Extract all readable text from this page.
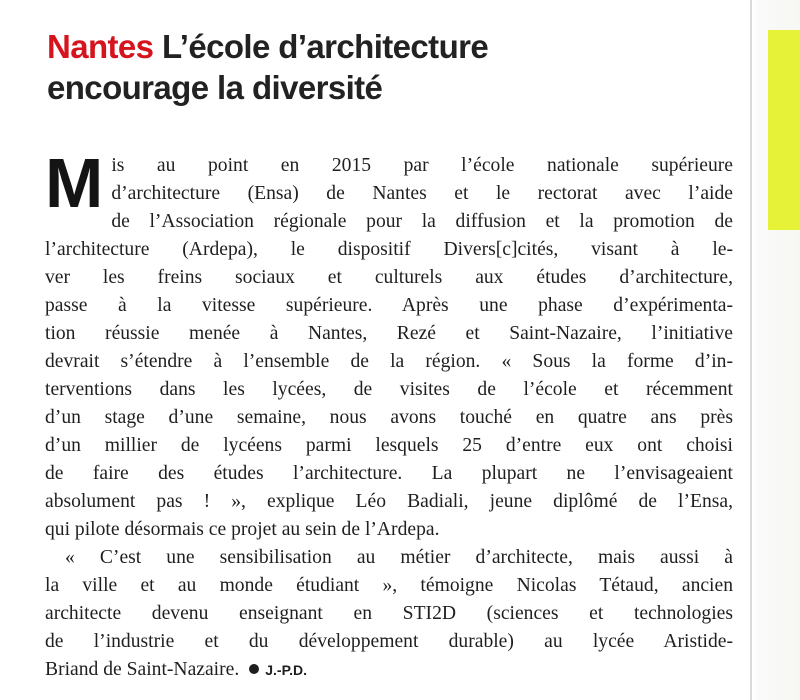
Nantes L’école d’architecture
encourage la diversité

M is au point en 2015 par l’école nationale supérieure
d’architecture (Ensa) de Nantes et le rectorat avec l’aide
de l’Association régionale pour la diffusion et la promotion de
l’architecture (Ardepa), le dispositif Divers[c]cités, visant à le-
ver les freins sociaux et culturels aux études d’architecture,
passe à la vitesse supérieure. Après une phase d’expérimenta-
tion réussie menée à Nantes, Rezé et Saint-Nazaire, l’initiative
devrait s’étendre à l’ensemble de la région. « Sous la forme d’in-
terventions dans les lycées, de visites de l’école et récemment
d’un stage d’une semaine, nous avons touché en quatre ans près
d’un millier de lycéens parmi lesquels 25 d’entre eux ont choisi
de faire des études l’architecture. La plupart ne l’envisageaient
absolument pas ! », explique Léo Badiali, jeune diplômé de l’Ensa,
qui pilote désormais ce projet au sein de l’Ardepa.

« C’est une sensibilisation au métier d’architecte, mais aussi à
la ville et au monde étudiant », témoigne Nicolas Tétaud, ancien
architecte devenu enseignant en STI2D (sciences et technologies
de l’industrie et du développement durable) au lycée Aristide-
Briand de Saint-Nazaire. J.-P.D.
